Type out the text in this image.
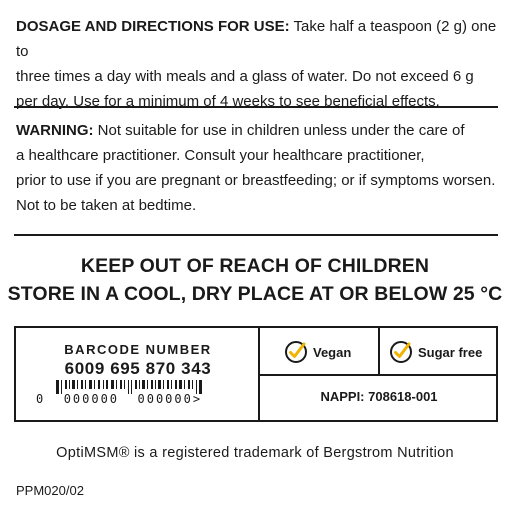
DOSAGE AND DIRECTIONS FOR USE: Take half a teaspoon (2 g) one to
three times a day with meals and a glass of water. Do not exceed 6 g
per day. Use for a minimum of 4 weeks to see beneficial effects.
WARNING: Not suitable for use in children unless under the care of
a healthcare practitioner. Consult your healthcare practitioner,
prior to use if you are pregnant or breastfeeding; or if symptoms worsen.
Not to be taken at bedtime.
KEEP OUT OF REACH OF CHILDREN
STORE IN A COOL, DRY PLACE AT OR BELOW 25 °C
BARCODE NUMBER
6009 695 870 343
0 000000 000000>
Vegan	Sugar free
NAPPI: 708618-001
OptiMSM® is a registered trademark of Bergstrom Nutrition
PPM020/02
